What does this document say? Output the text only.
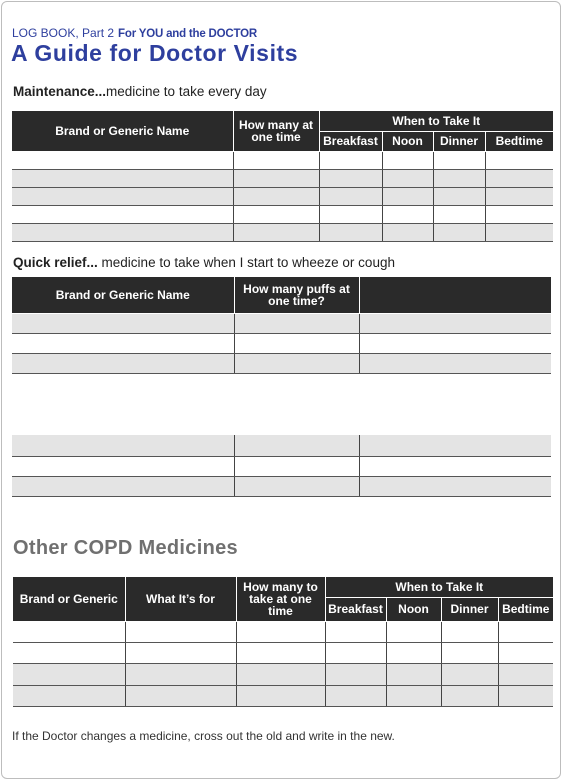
LOG BOOK, Part 2 For YOU and the DOCTOR
A Guide for Doctor Visits
Maintenance...medicine to take every day
Brand or Generic Name	How many at one time	When to Take It			
		Breakfast	Noon	Dinner	Bedtime

Quick relief... medicine to take when I start to wheeze or cough
Brand or Generic Name	How many puffs at one time?	

Other COPD Medicines
Brand or Generic	What It’s for	How many to take at one time	When to Take It			
			Breakfast	Noon	Dinner	Bedtime

If the Doctor changes a medicine, cross out the old and write in the new.
